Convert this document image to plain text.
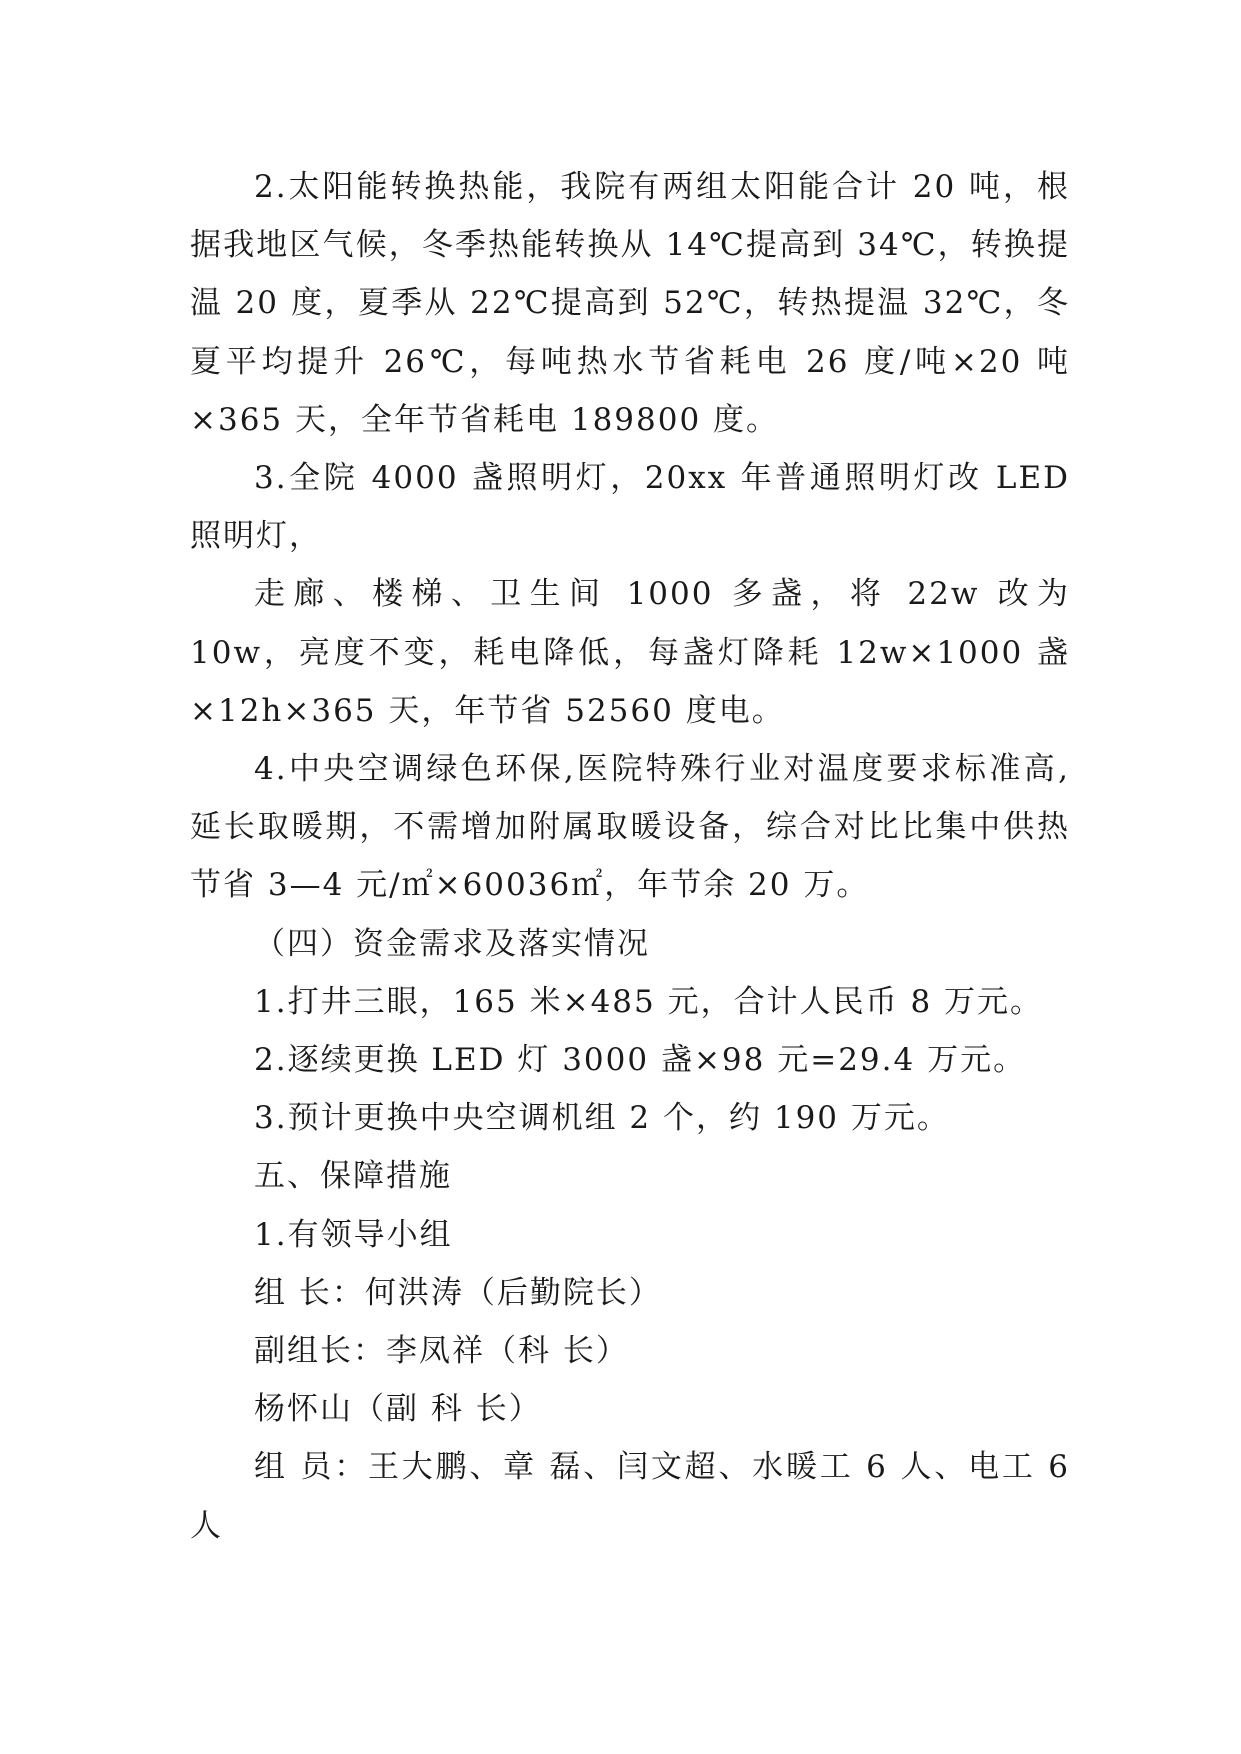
2.太阳能转换热能，我院有两组太阳能合计 20 吨，根据我地区气候，冬季热能转换从 14℃提高到 34℃，转换提温 20 度，夏季从 22℃提高到 52℃，转热提温 32℃，冬夏平均提升 26℃，每吨热水节省耗电 26 度/吨×20 吨×365 天，全年节省耗电 189800 度。

3.全院 4000 盏照明灯，20xx 年普通照明灯改 LED 照明灯，

走廊、楼梯、卫生间 1000 多盏，将 22w 改为 10w，亮度不变，耗电降低，每盏灯降耗 12w×1000 盏×12h×365 天，年节省 52560 度电。

4.中央空调绿色环保,医院特殊行业对温度要求标准高,延长取暖期，不需增加附属取暖设备，综合对比比集中供热节省 3—4 元/㎡×60036㎡，年节余 20 万。

（四）资金需求及落实情况

1.打井三眼，165 米×485 元，合计人民币 8 万元。

2.逐续更换 LED 灯 3000 盏×98 元=29.4 万元。

3.预计更换中央空调机组 2 个，约 190 万元。

五、保障措施

1.有领导小组

组 长：何洪涛（后勤院长）

副组长：李凤祥（科 长）

杨怀山（副 科 长）

组 员：王大鹏、章 磊、闫文超、水暖工 6 人、电工 6 人
